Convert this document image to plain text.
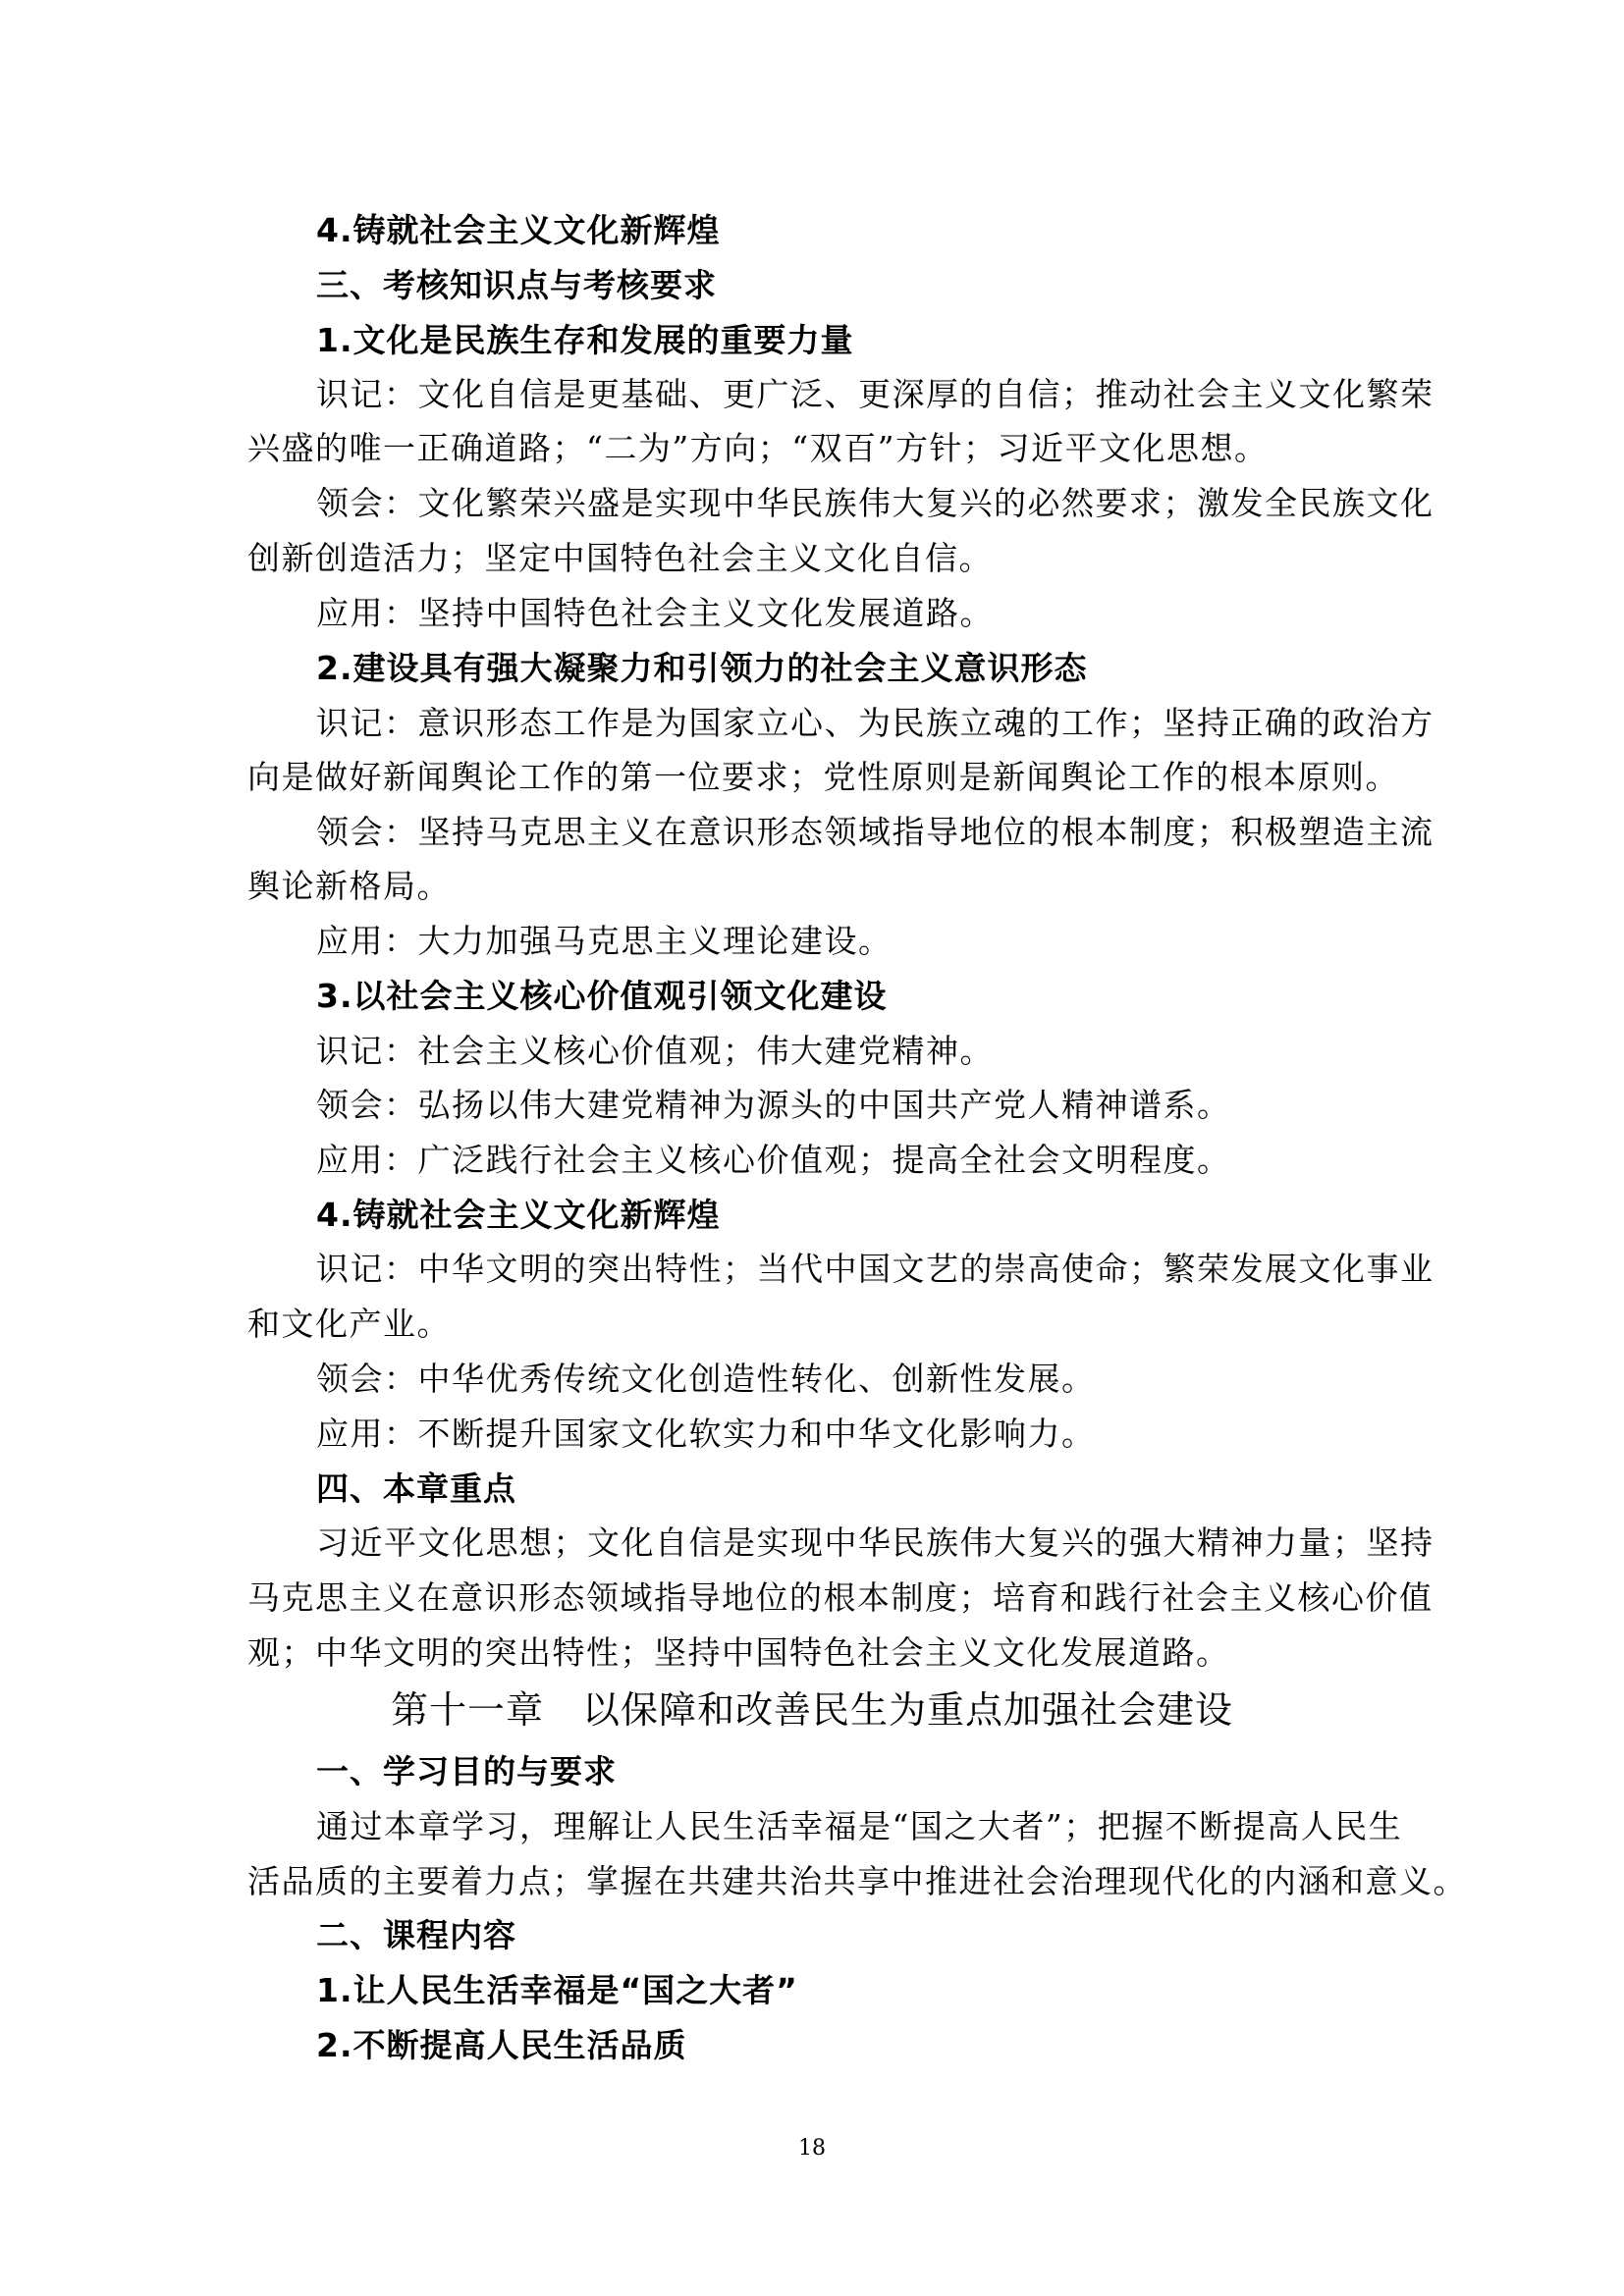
4.铸就社会主义文化新辉煌
三、考核知识点与考核要求
1.文化是民族生存和发展的重要力量
识记：文化自信是更基础、更广泛、更深厚的自信；推动社会主义文化繁荣
兴盛的唯一正确道路；“二为”方向；“双百”方针；习近平文化思想。
领会：文化繁荣兴盛是实现中华民族伟大复兴的必然要求；激发全民族文化
创新创造活力；坚定中国特色社会主义文化自信。
应用：坚持中国特色社会主义文化发展道路。
2.建设具有强大凝聚力和引领力的社会主义意识形态
识记：意识形态工作是为国家立心、为民族立魂的工作；坚持正确的政治方
向是做好新闻舆论工作的第一位要求；党性原则是新闻舆论工作的根本原则。
领会：坚持马克思主义在意识形态领域指导地位的根本制度；积极塑造主流
舆论新格局。
应用：大力加强马克思主义理论建设。
3.以社会主义核心价值观引领文化建设
识记：社会主义核心价值观；伟大建党精神。
领会：弘扬以伟大建党精神为源头的中国共产党人精神谱系。
应用：广泛践行社会主义核心价值观；提高全社会文明程度。
4.铸就社会主义文化新辉煌
识记：中华文明的突出特性；当代中国文艺的崇高使命；繁荣发展文化事业
和文化产业。
领会：中华优秀传统文化创造性转化、创新性发展。
应用：不断提升国家文化软实力和中华文化影响力。
四、本章重点
习近平文化思想；文化自信是实现中华民族伟大复兴的强大精神力量；坚持
马克思主义在意识形态领域指导地位的根本制度；培育和践行社会主义核心价值
观；中华文明的突出特性；坚持中国特色社会主义文化发展道路。
第十一章　以保障和改善民生为重点加强社会建设
一、学习目的与要求
通过本章学习，理解让人民生活幸福是“国之大者”；把握不断提高人民生
活品质的主要着力点；掌握在共建共治共享中推进社会治理现代化的内涵和意义。
二、课程内容
1.让人民生活幸福是“国之大者”
2.不断提高人民生活品质
18
